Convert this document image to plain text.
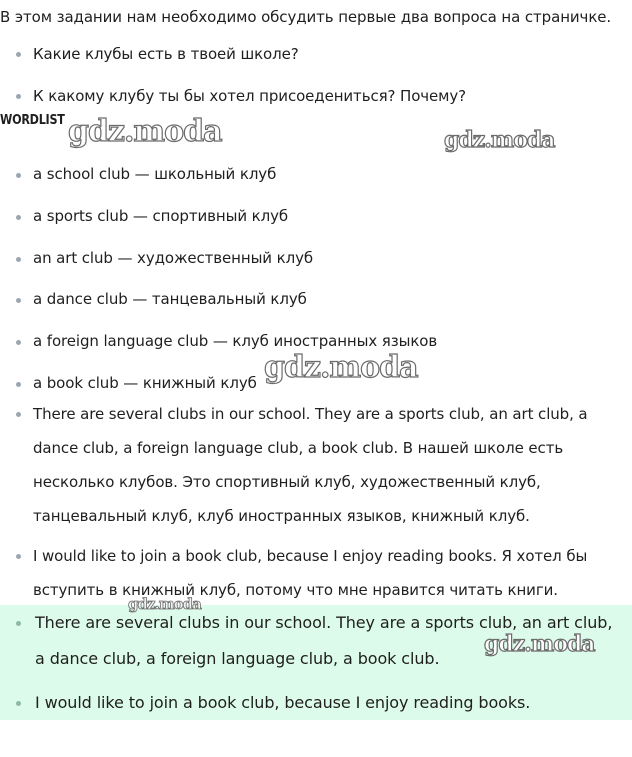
В этом задании нам необходимо обсудить первые два вопроса на страничке.
Какие клубы есть в твоей школе?
К какому клубу ты бы хотел присоедениться? Почему?
WORDLIST
a school club — школьный клуб
a sports club — спортивный клуб
an art club — художественный клуб
a dance club — танцевальный клуб
a foreign language club — клуб иностранных языков
a book club — книжный клуб
There are several clubs in our school. They are a sports club, an art club, a
dance club, a foreign language club, a book club. В нашей школе есть
несколько клубов. Это спортивный клуб, художественный клуб,
танцевальный клуб, клуб иностранных языков, книжный клуб.
I would like to join a book club, because I enjoy reading books. Я хотел бы
вступить в книжный клуб, потому что мне нравится читать книги.
There are several clubs in our school. They are a sports club, an art club,
a dance club, a foreign language club, a book club.
I would like to join a book club, because I enjoy reading books.
gdz.moda	gdz.moda
gdz.moda
gdz.moda
gdz.moda
